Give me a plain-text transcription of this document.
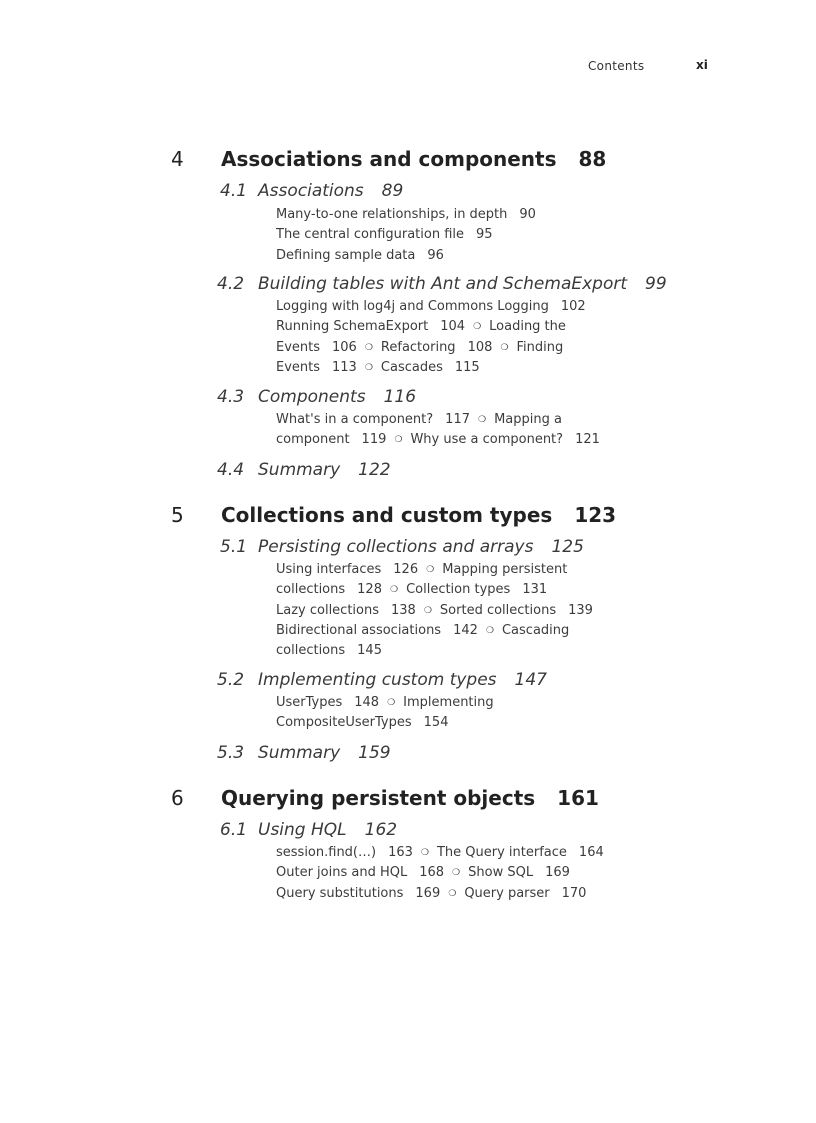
Contents	xi
4 Associations and components 88
4.1 Associations 89
Many-to-one relationships, in depth 90
The central configuration file 95
Defining sample data 96
4.2 Building tables with Ant and SchemaExport 99
Logging with log4j and Commons Logging 102
Running SchemaExport 104 ❍ Loading the
Events 106 ❍ Refactoring 108 ❍ Finding
Events 113 ❍ Cascades 115
4.3 Components 116
What's in a component? 117 ❍ Mapping a
component 119 ❍ Why use a component? 121
4.4 Summary 122
5 Collections and custom types 123
5.1 Persisting collections and arrays 125
Using interfaces 126 ❍ Mapping persistent
collections 128 ❍ Collection types 131
Lazy collections 138 ❍ Sorted collections 139
Bidirectional associations 142 ❍ Cascading
collections 145
5.2 Implementing custom types 147
UserTypes 148 ❍ Implementing
CompositeUserTypes 154
5.3 Summary 159
6 Querying persistent objects 161
6.1 Using HQL 162
session.find(…) 163 ❍ The Query interface 164
Outer joins and HQL 168 ❍ Show SQL 169
Query substitutions 169 ❍ Query parser 170
